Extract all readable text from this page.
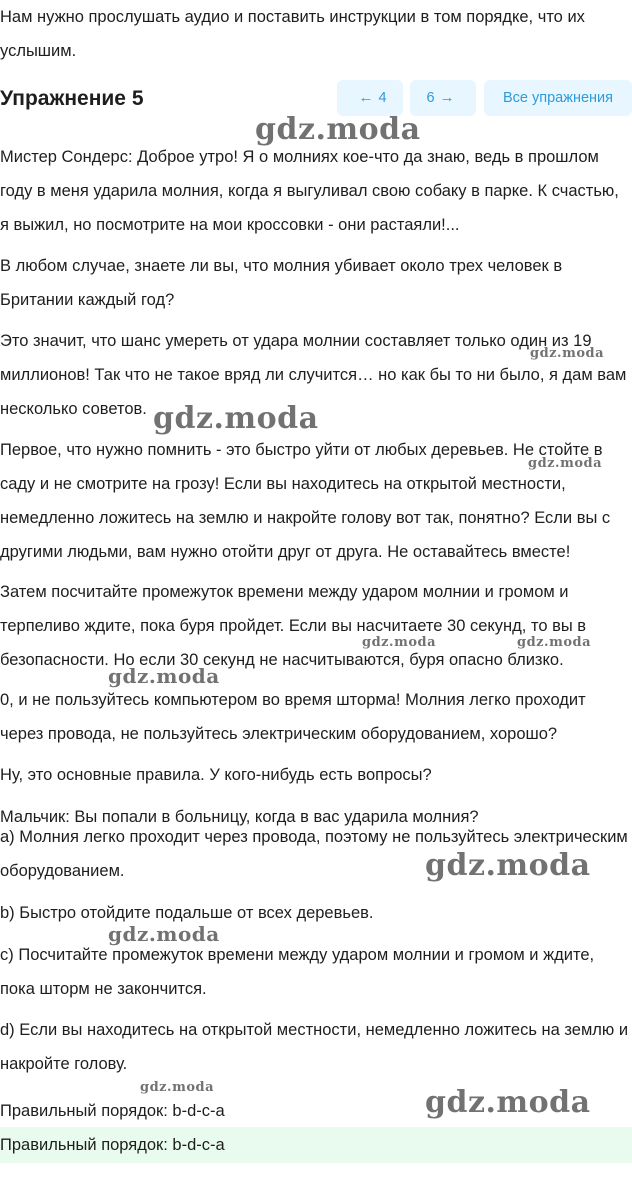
Нам нужно прослушать аудио и поставить инструкции в том порядке, что их услышим.
Упражнение 5	← 4	6 →	Все упражнения

Мистер Сондерс: Доброе утро! Я о молниях кое-что да знаю, ведь в прошлом году в меня ударила молния, когда я выгуливал свою собаку в парке. К счастью, я выжил, но посмотрите на мои кроссовки - они растаяли!...

В любом случае, знаете ли вы, что молния убивает около трех человек в Британии каждый год?

Это значит, что шанс умереть от удара молнии составляет только один из 19 миллионов! Так что не такое вряд ли случится… но как бы то ни было, я дам вам несколько советов.

Первое, что нужно помнить - это быстро уйти от любых деревьев. Не стойте в саду и не смотрите на грозу! Если вы находитесь на открытой местности, немедленно ложитесь на землю и накройте голову вот так, понятно? Если вы с другими людьми, вам нужно отойти друг от друга. Не оставайтесь вместе!

Затем посчитайте промежуток времени между ударом молнии и громом и терпеливо ждите, пока буря пройдет. Если вы насчитаете 30 секунд, то вы в безопасности. Но если 30 секунд не насчитываются, буря опасно близко.

0, и не пользуйтесь компьютером во время шторма! Молния легко проходит через провода, не пользуйтесь электрическим оборудованием, хорошо?

Ну, это основные правила. У кого-нибудь есть вопросы?

Мальчик: Вы попали в больницу, когда в вас ударила молния?

а) Молния легко проходит через провода, поэтому не пользуйтесь электрическим оборудованием.

b) Быстро отойдите подальше от всех деревьев.

c) Посчитайте промежуток времени между ударом молнии и громом и ждите, пока шторм не закончится.

d) Если вы находитесь на открытой местности, немедленно ложитесь на землю и накройте голову.

Правильный порядок: b-d-c-a

Правильный порядок: b-d-c-a
gdz.moda
gdz.moda
gdz.moda
gdz.moda
gdz.moda	gdz.moda
gdz.moda
gdz.moda
gdz.moda
gdz.moda	gdz.moda
